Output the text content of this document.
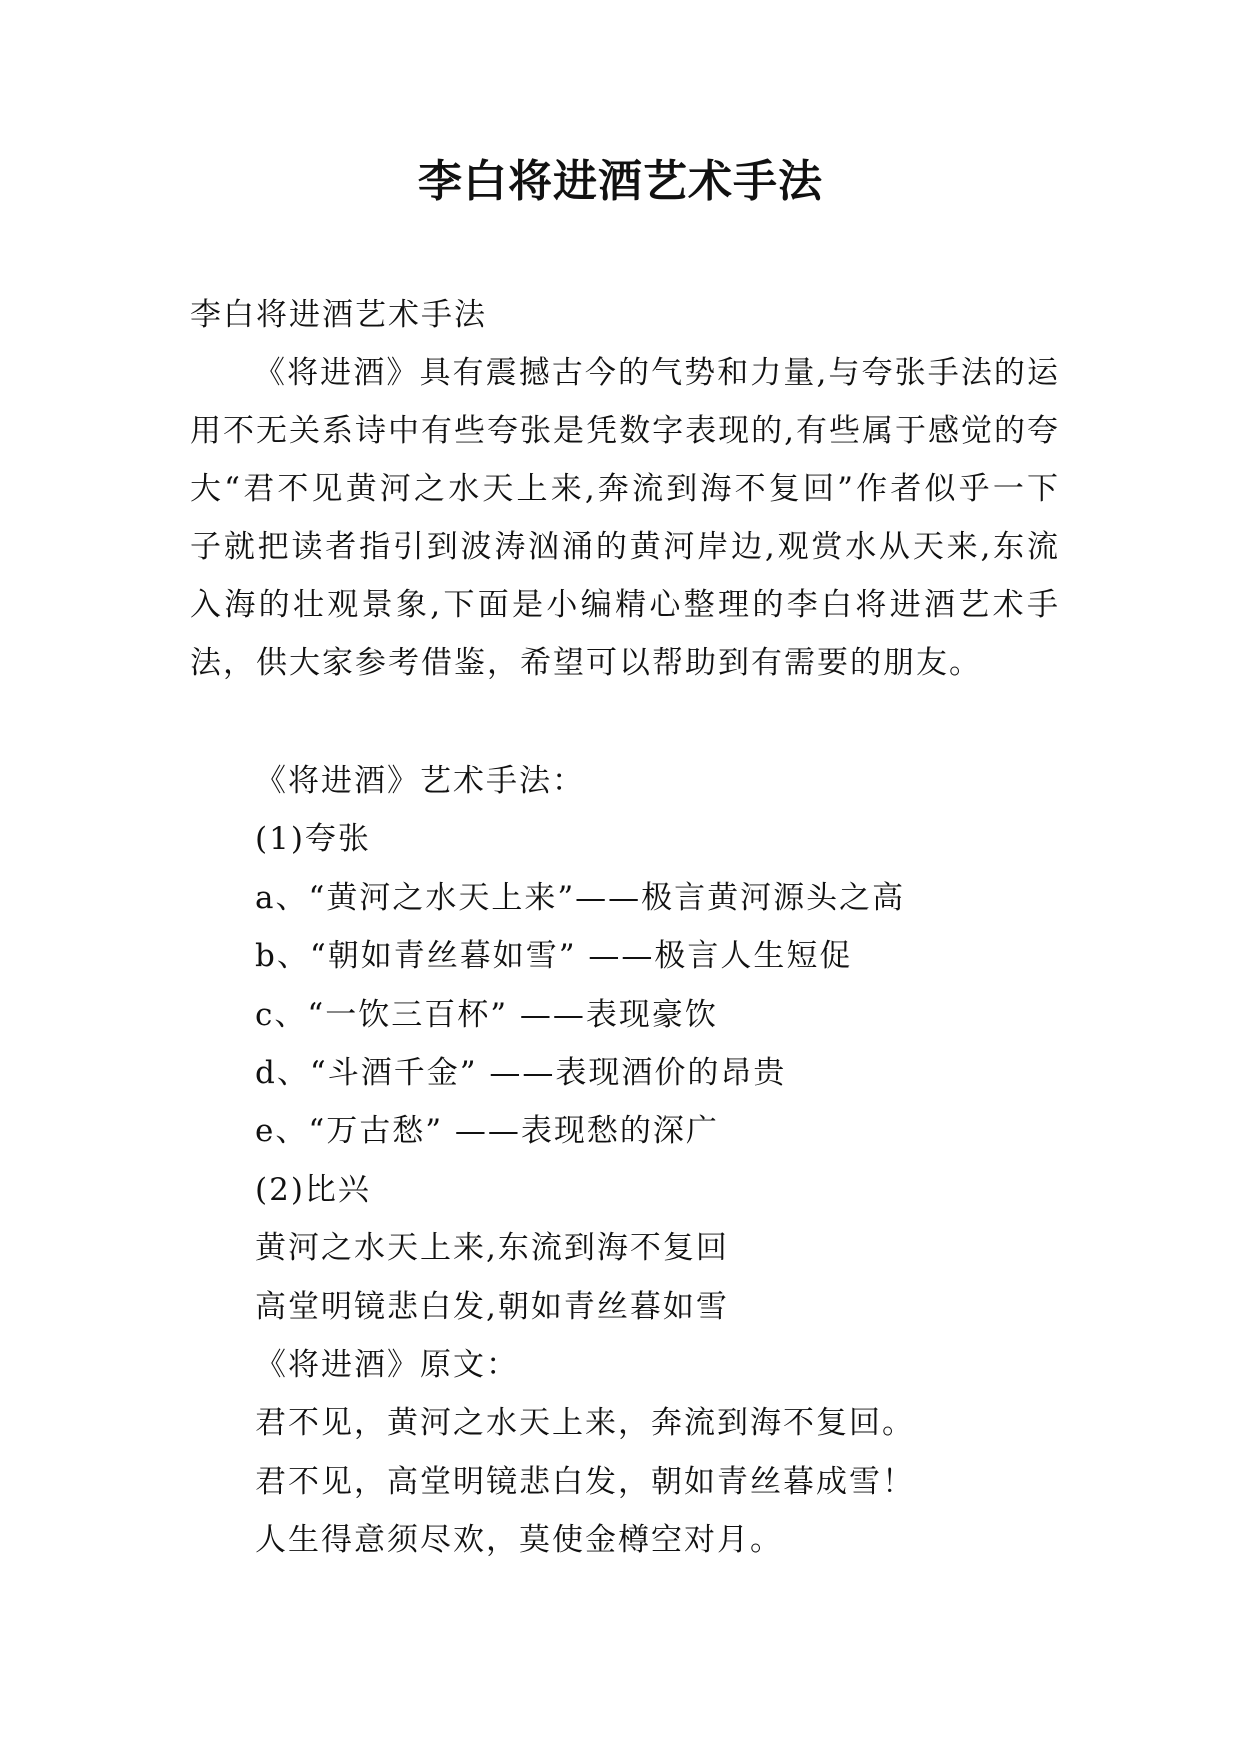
李白将进酒艺术手法
李白将进酒艺术手法

《将进酒》具有震撼古今的气势和力量,与夸张手法的运用不无关系诗中有些夸张是凭数字表现的,有些属于感觉的夸大“君不见黄河之水天上来,奔流到海不复回”作者似乎一下子就把读者指引到波涛汹涌的黄河岸边,观赏水从天来,东流入海的壮观景象,下面是小编精心整理的李白将进酒艺术手法，供大家参考借鉴，希望可以帮助到有需要的朋友。

《将进酒》艺术手法：

(1)夸张

a、“黄河之水天上来”——极言黄河源头之高

b、“朝如青丝暮如雪” ——极言人生短促

c、“一饮三百杯” ——表现豪饮

d、“斗酒千金” ——表现酒价的昂贵

e、“万古愁” ——表现愁的深广

(2)比兴

黄河之水天上来,东流到海不复回

高堂明镜悲白发,朝如青丝暮如雪

《将进酒》原文：

君不见，黄河之水天上来，奔流到海不复回。

君不见，高堂明镜悲白发，朝如青丝暮成雪！

人生得意须尽欢，莫使金樽空对月。
